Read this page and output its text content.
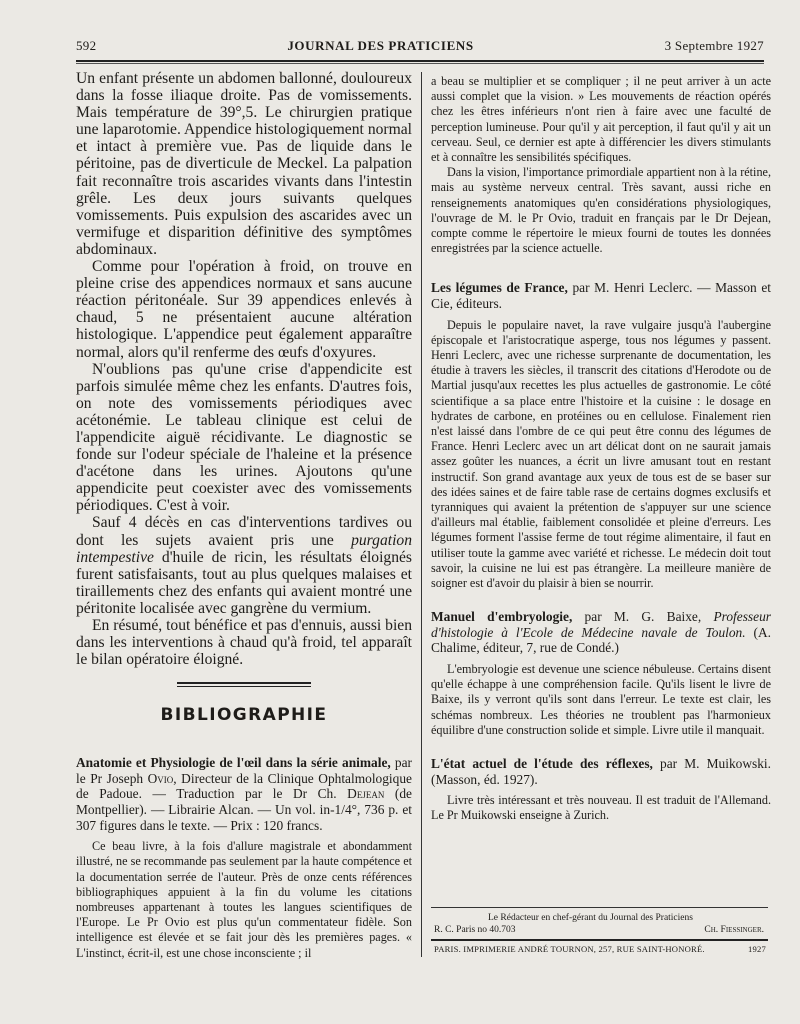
592	JOURNAL DES PRATICIENS	3 Septembre 1927

Un enfant présente un abdomen ballonné, douloureux dans la fosse iliaque droite. Pas de vomissements. Mais température de 39°,5. Le chirurgien pratique une laparotomie. Appendice histologiquement normal et intact à première vue. Pas de liquide dans le péritoine, pas de diverticule de Meckel. La palpation fait reconnaître trois ascarides vivants dans l'intestin grêle. Les deux jours suivants quelques vomissements. Puis expulsion des ascarides avec un vermifuge et disparition définitive des symptômes abdominaux.

Comme pour l'opération à froid, on trouve en pleine crise des appendices normaux et sans aucune réaction péritonéale. Sur 39 appendices enlevés à chaud, 5 ne présentaient aucune altération histologique. L'appendice peut également apparaître normal, alors qu'il renferme des œufs d'oxyures.

N'oublions pas qu'une crise d'appendicite est parfois simulée même chez les enfants. D'autres fois, on note des vomissements périodiques avec acétonémie. Le tableau clinique est celui de l'appendicite aiguë récidivante. Le diagnostic se fonde sur l'odeur spéciale de l'haleine et la présence d'acétone dans les urines. Ajoutons qu'une appendicite peut coexister avec des vomissements périodiques. C'est à voir.

Sauf 4 décès en cas d'interventions tardives ou dont les sujets avaient pris une purgation intempestive d'huile de ricin, les résultats éloignés furent satisfaisants, tout au plus quelques malaises et tiraillements chez des enfants qui avaient montré une péritonite localisée avec gangrène du vermium.

En résumé, tout bénéfice et pas d'ennuis, aussi bien dans les interventions à chaud qu'à froid, tel apparaît le bilan opératoire éloigné.

BIBLIOGRAPHIE

Anatomie et Physiologie de l'œil dans la série animale, par le Pr Joseph Ovio, Directeur de la Clinique Ophtalmologique de Padoue. — Traduction par le Dr Ch. Dejean (de Montpellier). — Librairie Alcan. — Un vol. in-1/4°, 736 p. et 307 figures dans le texte. — Prix : 120 francs.

Ce beau livre, à la fois d'allure magistrale et abondamment illustré, ne se recommande pas seulement par la haute compétence et la documentation serrée de l'auteur. Près de onze cents références bibliographiques appuient à la fin du volume les citations nombreuses appartenant à toutes les langues scientifiques de l'Europe. Le Pr Ovio est plus qu'un commentateur fidèle. Son intelligence est élevée et se fait jour dès les premières pages. « L'instinct, écrit-il, est une chose inconsciente ; il

a beau se multiplier et se compliquer ; il ne peut arriver à un acte aussi complet que la vision. » Les mouvements de réaction opérés chez les êtres inférieurs n'ont rien à faire avec une faculté de perception lumineuse. Pour qu'il y ait perception, il faut qu'il y ait un cerveau. Seul, ce dernier est apte à différencier les divers stimulants et à connaître les sensibilités spécifiques.

Dans la vision, l'importance primordiale appartient non à la rétine, mais au système nerveux central. Très savant, aussi riche en renseignements anatomiques qu'en considérations physiologiques, l'ouvrage de M. le Pr Ovio, traduit en français par le Dr Dejean, compte comme le répertoire le mieux fourni de toutes les données enregistrées par la science actuelle.

Les légumes de France, par M. Henri Leclerc. — Masson et Cie, éditeurs.

Depuis le populaire navet, la rave vulgaire jusqu'à l'aubergine épiscopale et l'aristocratique asperge, tous nos légumes y passent. Henri Leclerc, avec une richesse surprenante de documentation, les étudie à travers les siècles, il transcrit des citations d'Herodote ou de Martial jusqu'aux recettes les plus actuelles de gastronomie. Le côté scientifique a sa place entre l'histoire et la cuisine : le dosage en hydrates de carbone, en protéines ou en cellulose. Finalement rien n'est laissé dans l'ombre de ce qui peut être connu des légumes de France. Henri Leclerc avec un art délicat dont on ne saurait jamais assez goûter les nuances, a écrit un livre amusant tout en restant instructif. Son grand avantage aux yeux de tous est de se baser sur des idées saines et de faire table rase de certains dogmes exclusifs et tyranniques qui avaient la prétention de s'appuyer sur une science d'ailleurs mal établie, faiblement consolidée et pleine d'erreurs. Les légumes forment l'assise ferme de tout régime alimentaire, il faut en utiliser toute la gamme avec variété et richesse. Le médecin doit tout savoir, la cuisine ne lui est pas étrangère. La meilleure manière de soigner est d'avoir du plaisir à bien se nourrir.

Manuel d'embryologie, par M. G. Baixe, Professeur d'histologie à l'Ecole de Médecine navale de Toulon. (A. Chalime, éditeur, 7, rue de Condé.)

L'embryologie est devenue une science nébuleuse. Certains disent qu'elle échappe à une compréhension facile. Qu'ils lisent le livre de Baixe, ils y verront qu'ils sont dans l'erreur. Le texte est clair, les schémas nombreux. Les théories ne troublent pas l'harmonieux équilibre d'une construction solide et simple. Livre utile il manquait.

L'état actuel de l'étude des réflexes, par M. Muikowski. (Masson, éd. 1927).

Livre très intéressant et très nouveau. Il est traduit de l'Allemand. Le Pr Muikowski enseigne à Zurich.

Le Rédacteur en chef-gérant du Journal des Praticiens
R. C. Paris no 40.703	Ch. Fiessinger.
PARIS. IMPRIMERIE ANDRÉ TOURNON, 257, RUE SAINT-HONORÉ.	1927
